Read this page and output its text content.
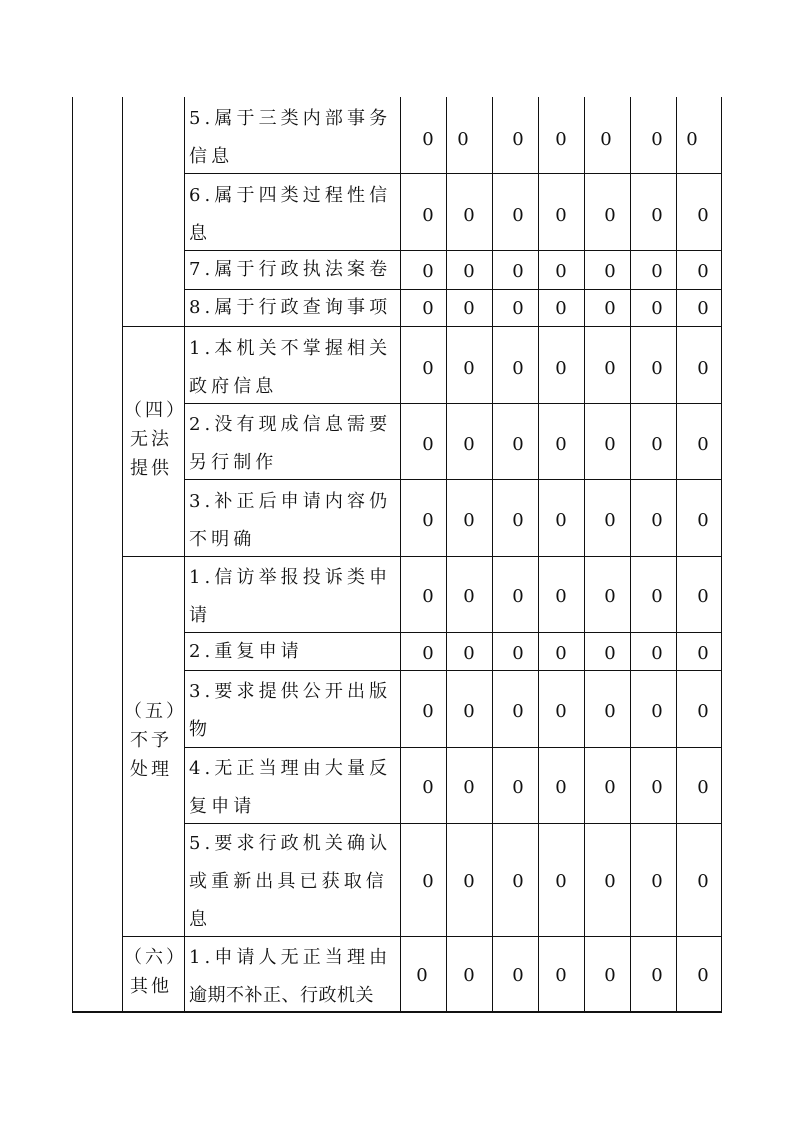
（四）
无法
提供
（五）
不予
处理
（六）
其他
5.属于三类内部事务
信息
6.属于四类过程性信
息
7.属于行政执法案卷
8.属于行政查询事项
1.本机关不掌握相关
政府信息
2.没有现成信息需要
另行制作
3.补正后申请内容仍
不明确
1.信访举报投诉类申
请
2.重复申请
3.要求提供公开出版
物
4.无正当理由大量反
复申请
5.要求行政机关确认
或重新出具已获取信
息
1.申请人无正当理由
逾期不补正、行政机关
0 0 0 0 0 0 0
0 0 0 0 0 0 0
0 0 0 0 0 0 0
0 0 0 0 0 0 0
0 0 0 0 0 0 0
0 0 0 0 0 0 0
0 0 0 0 0 0 0
0 0 0 0 0 0 0
0 0 0 0 0 0 0
0 0 0 0 0 0 0
0 0 0 0 0 0 0
0 0 0 0 0 0 0
0 0 0 0 0 0 0
